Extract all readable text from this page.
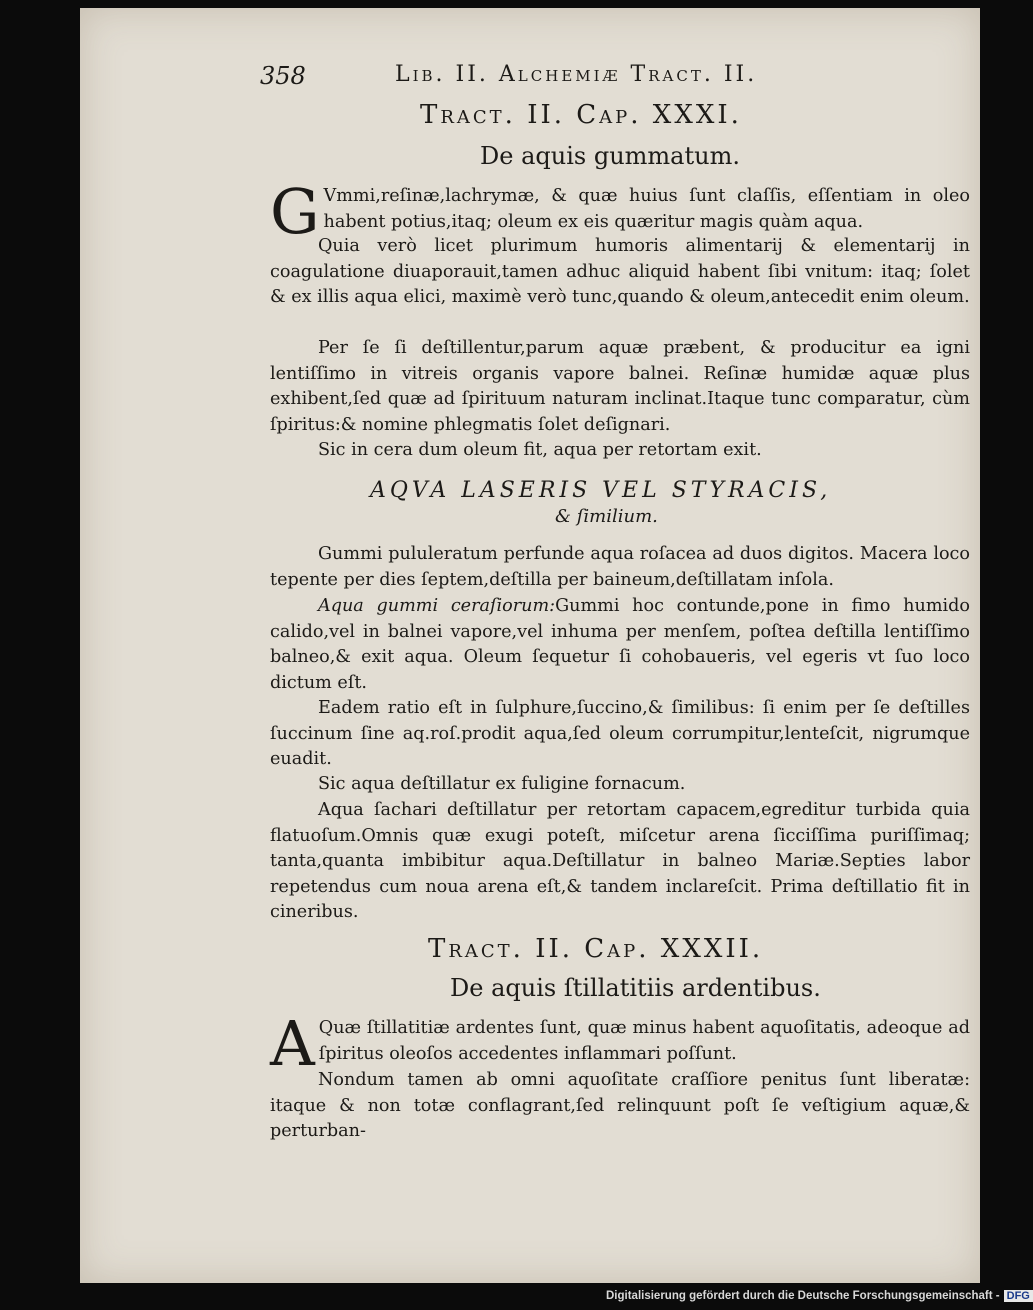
358	Lib. II. Alchemiæ Tract. II.
Tract. II. Cap. XXXI.
De aquis gummatum.
G Vmmi,reſinæ,lachrymæ, & quæ huius ſunt claſſis, eſſentiam in oleo habent potius,itaq; oleum ex eis quæritur magis quàm aqua.
Quia verò licet plurimum humoris alimentarij & elementarij in coagulatione diuaporauit,tamen adhuc aliquid habent ſibi vnitum: itaq; ſolet & ex illis aqua elici, maximè verò tunc,quando & oleum,antecedit enim oleum.
Per ſe ſi deſtillentur,parum aquæ præbent, & producitur ea igni lentiſſimo in vitreis organis vapore balnei. Reſinæ humidæ aquæ plus exhibent,ſed quæ ad ſpirituum naturam inclinat.Itaque tunc comparatur, cùm ſpiritus:& nomine phlegmatis ſolet deſignari.
Sic in cera dum oleum fit, aqua per retortam exit.
AQVA LASERIS VEL STYRACIS,
& ſimilium.
Gummi pululeratum perfunde aqua roſacea ad duos digitos. Macera loco tepente per dies ſeptem,deſtilla per baineum,deſtillatam inſola.
Aqua gummi ceraſiorum:Gummi hoc contunde,pone in fimo humido calido,vel in balnei vapore,vel inhuma per menſem, poſtea deſtilla lentiſſimo balneo,& exit aqua. Oleum ſequetur ſi cohobaueris, vel egeris vt ſuo loco dictum eſt.
Eadem ratio eſt in ſulphure,ſuccino,& ſimilibus: ſi enim per ſe deſtilles ſuccinum ſine aq.roſ.prodit aqua,ſed oleum corrumpitur,lenteſcit, nigrumque euadit.
Sic aqua deſtillatur ex fuligine fornacum.
Aqua ſachari deſtillatur per retortam capacem,egreditur turbida quia flatuoſum.Omnis quæ exugi poteſt, miſcetur arena ſicciſſima puriſſimaq; tanta,quanta imbibitur aqua.Deſtillatur in balneo Mariæ.Septies labor repetendus cum noua arena eſt,& tandem inclareſcit. Prima deſtillatio fit in cineribus.
Tract. II. Cap. XXXII.
De aquis ſtillatitiis ardentibus.
A Quæ ſtillatitiæ ardentes ſunt, quæ minus habent aquoſitatis, adeoque ad ſpiritus oleoſos accedentes inflammari poſſunt.
Nondum tamen ab omni aquoſitate craſſiore penitus ſunt liberatæ: itaque & non totæ conflagrant,ſed relinquunt poſt ſe veſtigium aquæ,& perturban-
Digitalisierung gefördert durch die Deutsche Forschungsgemeinschaft - DFG
